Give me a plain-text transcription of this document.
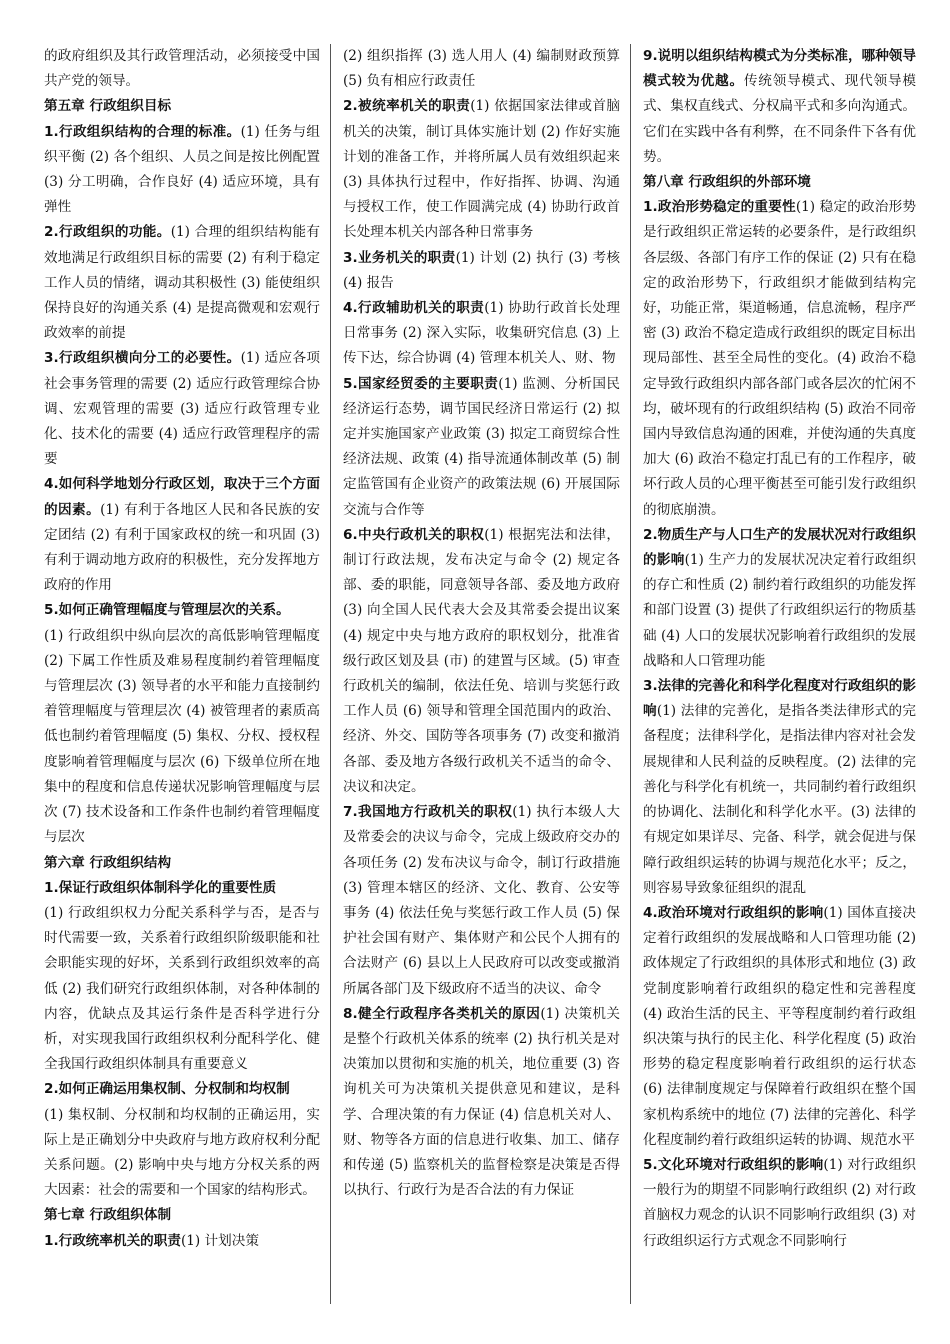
的政府组织及其行政管理活动，必须接受中国共产党的领导。

第五章 行政组织目标

1.行政组织结构的合理的标准。(1) 任务与组织平衡 (2) 各个组织、人员之间是按比例配置 (3) 分工明确，合作良好 (4) 适应环境，具有弹性

2.行政组织的功能。(1) 合理的组织结构能有效地满足行政组织目标的需要 (2) 有利于稳定工作人员的情绪，调动其积极性 (3) 能使组织保持良好的沟通关系 (4) 是提高微观和宏观行政效率的前提

3.行政组织横向分工的必要性。(1) 适应各项社会事务管理的需要 (2) 适应行政管理综合协调、宏观管理的需要 (3) 适应行政管理专业化、技术化的需要 (4) 适应行政管理程序的需要

4.如何科学地划分行政区划，取决于三个方面的因素。(1) 有利于各地区人民和各民族的安定团结 (2) 有利于国家政权的统一和巩固 (3) 有利于调动地方政府的积极性，充分发挥地方政府的作用

5.如何正确管理幅度与管理层次的关系。

(1) 行政组织中纵向层次的高低影响管理幅度 (2) 下属工作性质及难易程度制约着管理幅度与管理层次 (3) 领导者的水平和能力直接制约着管理幅度与管理层次 (4) 被管理者的素质高低也制约着管理幅度 (5) 集权、分权、授权程度影响着管理幅度与层次 (6) 下级单位所在地集中的程度和信息传递状况影响管理幅度与层次 (7) 技术设备和工作条件也制约着管理幅度与层次

第六章 行政组织结构

1.保证行政组织体制科学化的重要性质

(1) 行政组织权力分配关系科学与否，是否与时代需要一致，关系着行政组织阶级职能和社会职能实现的好坏，关系到行政组织效率的高低 (2) 我们研究行政组织体制，对各种体制的内容，优缺点及其运行条件是否科学进行分析，对实现我国行政组织权利分配科学化、健全我国行政组织体制具有重要意义

2.如何正确运用集权制、分权制和均权制

(1) 集权制、分权制和均权制的正确运用，实际上是正确划分中央政府与地方政府权利分配关系问题。(2) 影响中央与地方分权关系的两大因素：社会的需要和一个国家的结构形式。

第七章 行政组织体制

1.行政统率机关的职责(1) 计划决策

(2) 组织指挥 (3) 选人用人 (4) 编制财政预算 (5) 负有相应行政责任

2.被统率机关的职责(1) 依据国家法律或首脑机关的决策，制订具体实施计划 (2) 作好实施计划的准备工作，并将所属人员有效组织起来 (3) 具体执行过程中，作好指挥、协调、沟通与授权工作，使工作圆满完成 (4) 协助行政首长处理本机关内部各种日常事务

3.业务机关的职责(1) 计划 (2) 执行 (3) 考核 (4) 报告

4.行政辅助机关的职责(1) 协助行政首长处理日常事务 (2) 深入实际，收集研究信息 (3) 上传下达，综合协调 (4) 管理本机关人、财、物

5.国家经贸委的主要职责(1) 监测、分析国民经济运行态势，调节国民经济日常运行 (2) 拟定并实施国家产业政策 (3) 拟定工商贸综合性经济法规、政策 (4) 指导流通体制改革 (5) 制定监管国有企业资产的政策法规 (6) 开展国际交流与合作等

6.中央行政机关的职权(1) 根据宪法和法律，制订行政法规，发布决定与命令 (2) 规定各部、委的职能，同意领导各部、委及地方政府 (3) 向全国人民代表大会及其常委会提出议案 (4) 规定中央与地方政府的职权划分，批准省级行政区划及县 (市) 的建置与区域。(5) 审查行政机关的编制，依法任免、培训与奖惩行政工作人员 (6) 领导和管理全国范围内的政治、经济、外交、国防等各项事务 (7) 改变和撤消各部、委及地方各级行政机关不适当的命令、决议和决定。

7.我国地方行政机关的职权(1) 执行本级人大及常委会的决议与命令，完成上级政府交办的各项任务 (2) 发布决议与命令，制订行政措施 (3) 管理本辖区的经济、文化、教育、公安等事务 (4) 依法任免与奖惩行政工作人员 (5) 保护社会国有财产、集体财产和公民个人拥有的合法财产 (6) 县以上人民政府可以改变或撤消所属各部门及下级政府不适当的决议、命令

8.健全行政程序各类机关的原因(1) 决策机关是整个行政机关体系的统率 (2) 执行机关是对决策加以贯彻和实施的机关，地位重要 (3) 咨询机关可为决策机关提供意见和建议，是科学、合理决策的有力保证 (4) 信息机关对人、财、物等各方面的信息进行收集、加工、储存和传递 (5) 监察机关的监督检察是决策是否得以执行、行政行为是否合法的有力保证

9.说明以组织结构模式为分类标准，哪种领导模式较为优越。传统领导模式、现代领导模式、集权直线式、分权扁平式和多向沟通式。它们在实践中各有利弊，在不同条件下各有优势。

第八章 行政组织的外部环境

1.政治形势稳定的重要性(1) 稳定的政治形势是行政组织正常运转的必要条件，是行政组织各层级、各部门有序工作的保证 (2) 只有在稳定的政治形势下，行政组织才能做到结构完好，功能正常，渠道畅通，信息流畅，程序严密 (3) 政治不稳定造成行政组织的既定目标出现局部性、甚至全局性的变化。(4) 政治不稳定导致行政组织内部各部门或各层次的忙闲不均，破坏现有的行政组织结构 (5) 政治不同帝国内导致信息沟通的困难，并使沟通的失真度加大 (6) 政治不稳定打乱已有的工作程序，破坏行政人员的心理平衡甚至可能引发行政组织的彻底崩溃。

2.物质生产与人口生产的发展状况对行政组织的影响(1) 生产力的发展状况决定着行政组织的存亡和性质 (2) 制约着行政组织的功能发挥和部门设置 (3) 提供了行政组织运行的物质基础 (4) 人口的发展状况影响着行政组织的发展战略和人口管理功能

3.法律的完善化和科学化程度对行政组织的影响(1) 法律的完善化，是指各类法律形式的完备程度；法律科学化，是指法律内容对社会发展规律和人民利益的反映程度。(2) 法律的完善化与科学化有机统一，共同制约着行政组织的协调化、法制化和科学化水平。(3) 法律的有规定如果详尽、完备、科学，就会促进与保障行政组织运转的协调与规范化水平；反之，则容易导致象征组织的混乱

4.政治环境对行政组织的影响(1) 国体直接决定着行政组织的发展战略和人口管理功能 (2) 政体规定了行政组织的具体形式和地位 (3) 政党制度影响着行政组织的稳定性和完善程度 (4) 政治生活的民主、平等程度制约着行政组织决策与执行的民主化、科学化程度 (5) 政治形势的稳定程度影响着行政组织的运行状态 (6) 法律制度规定与保障着行政组织在整个国家机构系统中的地位 (7) 法律的完善化、科学化程度制约着行政组织运转的协调、规范水平

5.文化环境对行政组织的影响(1) 对行政组织一般行为的期望不同影响行政组织 (2) 对行政首脑权力观念的认识不同影响行政组织 (3) 对行政组织运行方式观念不同影响行
